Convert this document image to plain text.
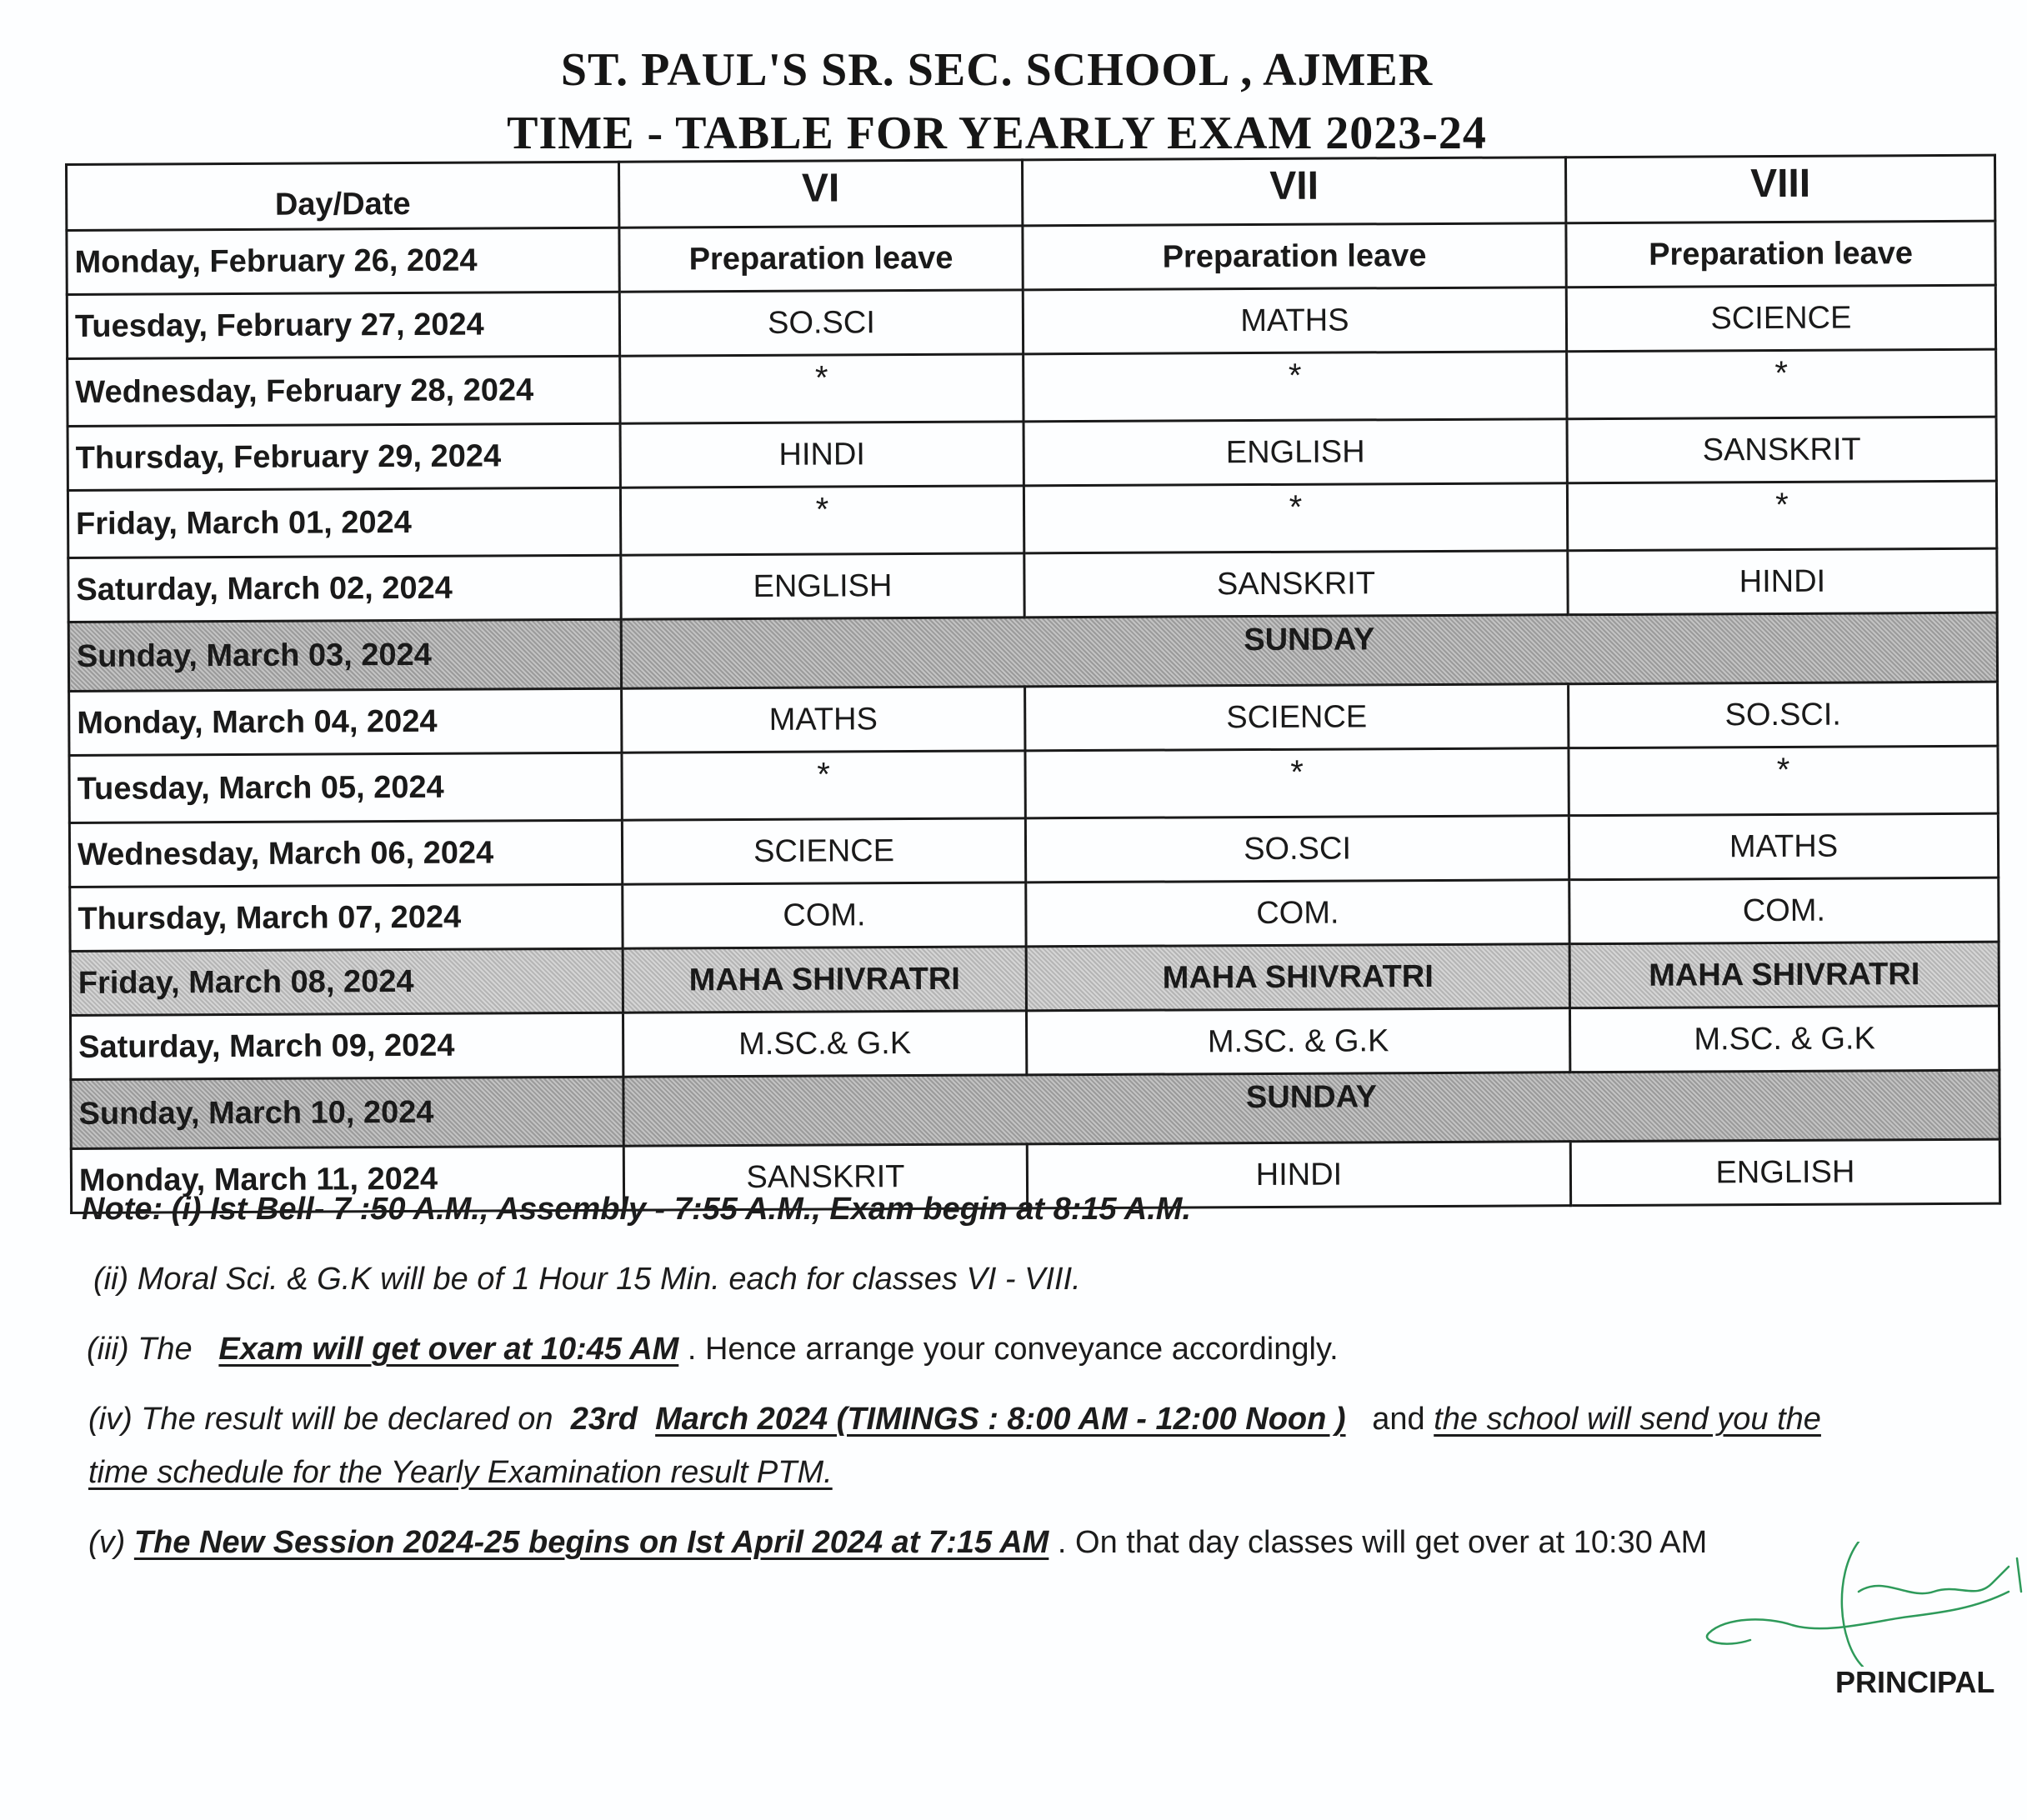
ST. PAUL'S SR. SEC. SCHOOL , AJMER
TIME - TABLE FOR YEARLY EXAM 2023-24
Day/Date	VI	VII	VIII
Monday, February 26, 2024	Preparation leave	Preparation leave	Preparation leave
Tuesday, February 27, 2024	SO.SCI	MATHS	SCIENCE
Wednesday, February 28, 2024	*	*	*
Thursday, February 29, 2024	HINDI	ENGLISH	SANSKRIT
Friday, March 01, 2024	*	*	*
Saturday, March 02, 2024	ENGLISH	SANSKRIT	HINDI
Sunday, March 03, 2024	SUNDAY		
Monday, March 04, 2024	MATHS	SCIENCE	SO.SCI.
Tuesday, March 05, 2024	*	*	*
Wednesday, March 06, 2024	SCIENCE	SO.SCI	MATHS
Thursday, March 07, 2024	COM.	COM.	COM.
Friday, March 08, 2024	MAHA SHIVRATRI	MAHA SHIVRATRI	MAHA SHIVRATRI
Saturday, March 09, 2024	M.SC.& G.K	M.SC. & G.K	M.SC. & G.K
Sunday, March 10, 2024	SUNDAY		
Monday, March 11, 2024	SANSKRIT	HINDI	ENGLISH
Note: (i) Ist Bell- 7 :50 A.M., Assembly - 7:55 A.M., Exam begin at 8:15 A.M.
(ii) Moral Sci. & G.K will be of 1 Hour 15 Min. each for classes VI - VIII.
(iii) The Exam will get over at 10:45 AM . Hence arrange your conveyance accordingly.
(iv) The result will be declared on 23rd March 2024 (TIMINGS : 8:00 AM - 12:00 Noon ) and the school will send you the
time schedule for the Yearly Examination result PTM.
(v) The New Session 2024-25 begins on Ist April 2024 at 7:15 AM . On that day classes will get over at 10:30 AM
PRINCIPAL
